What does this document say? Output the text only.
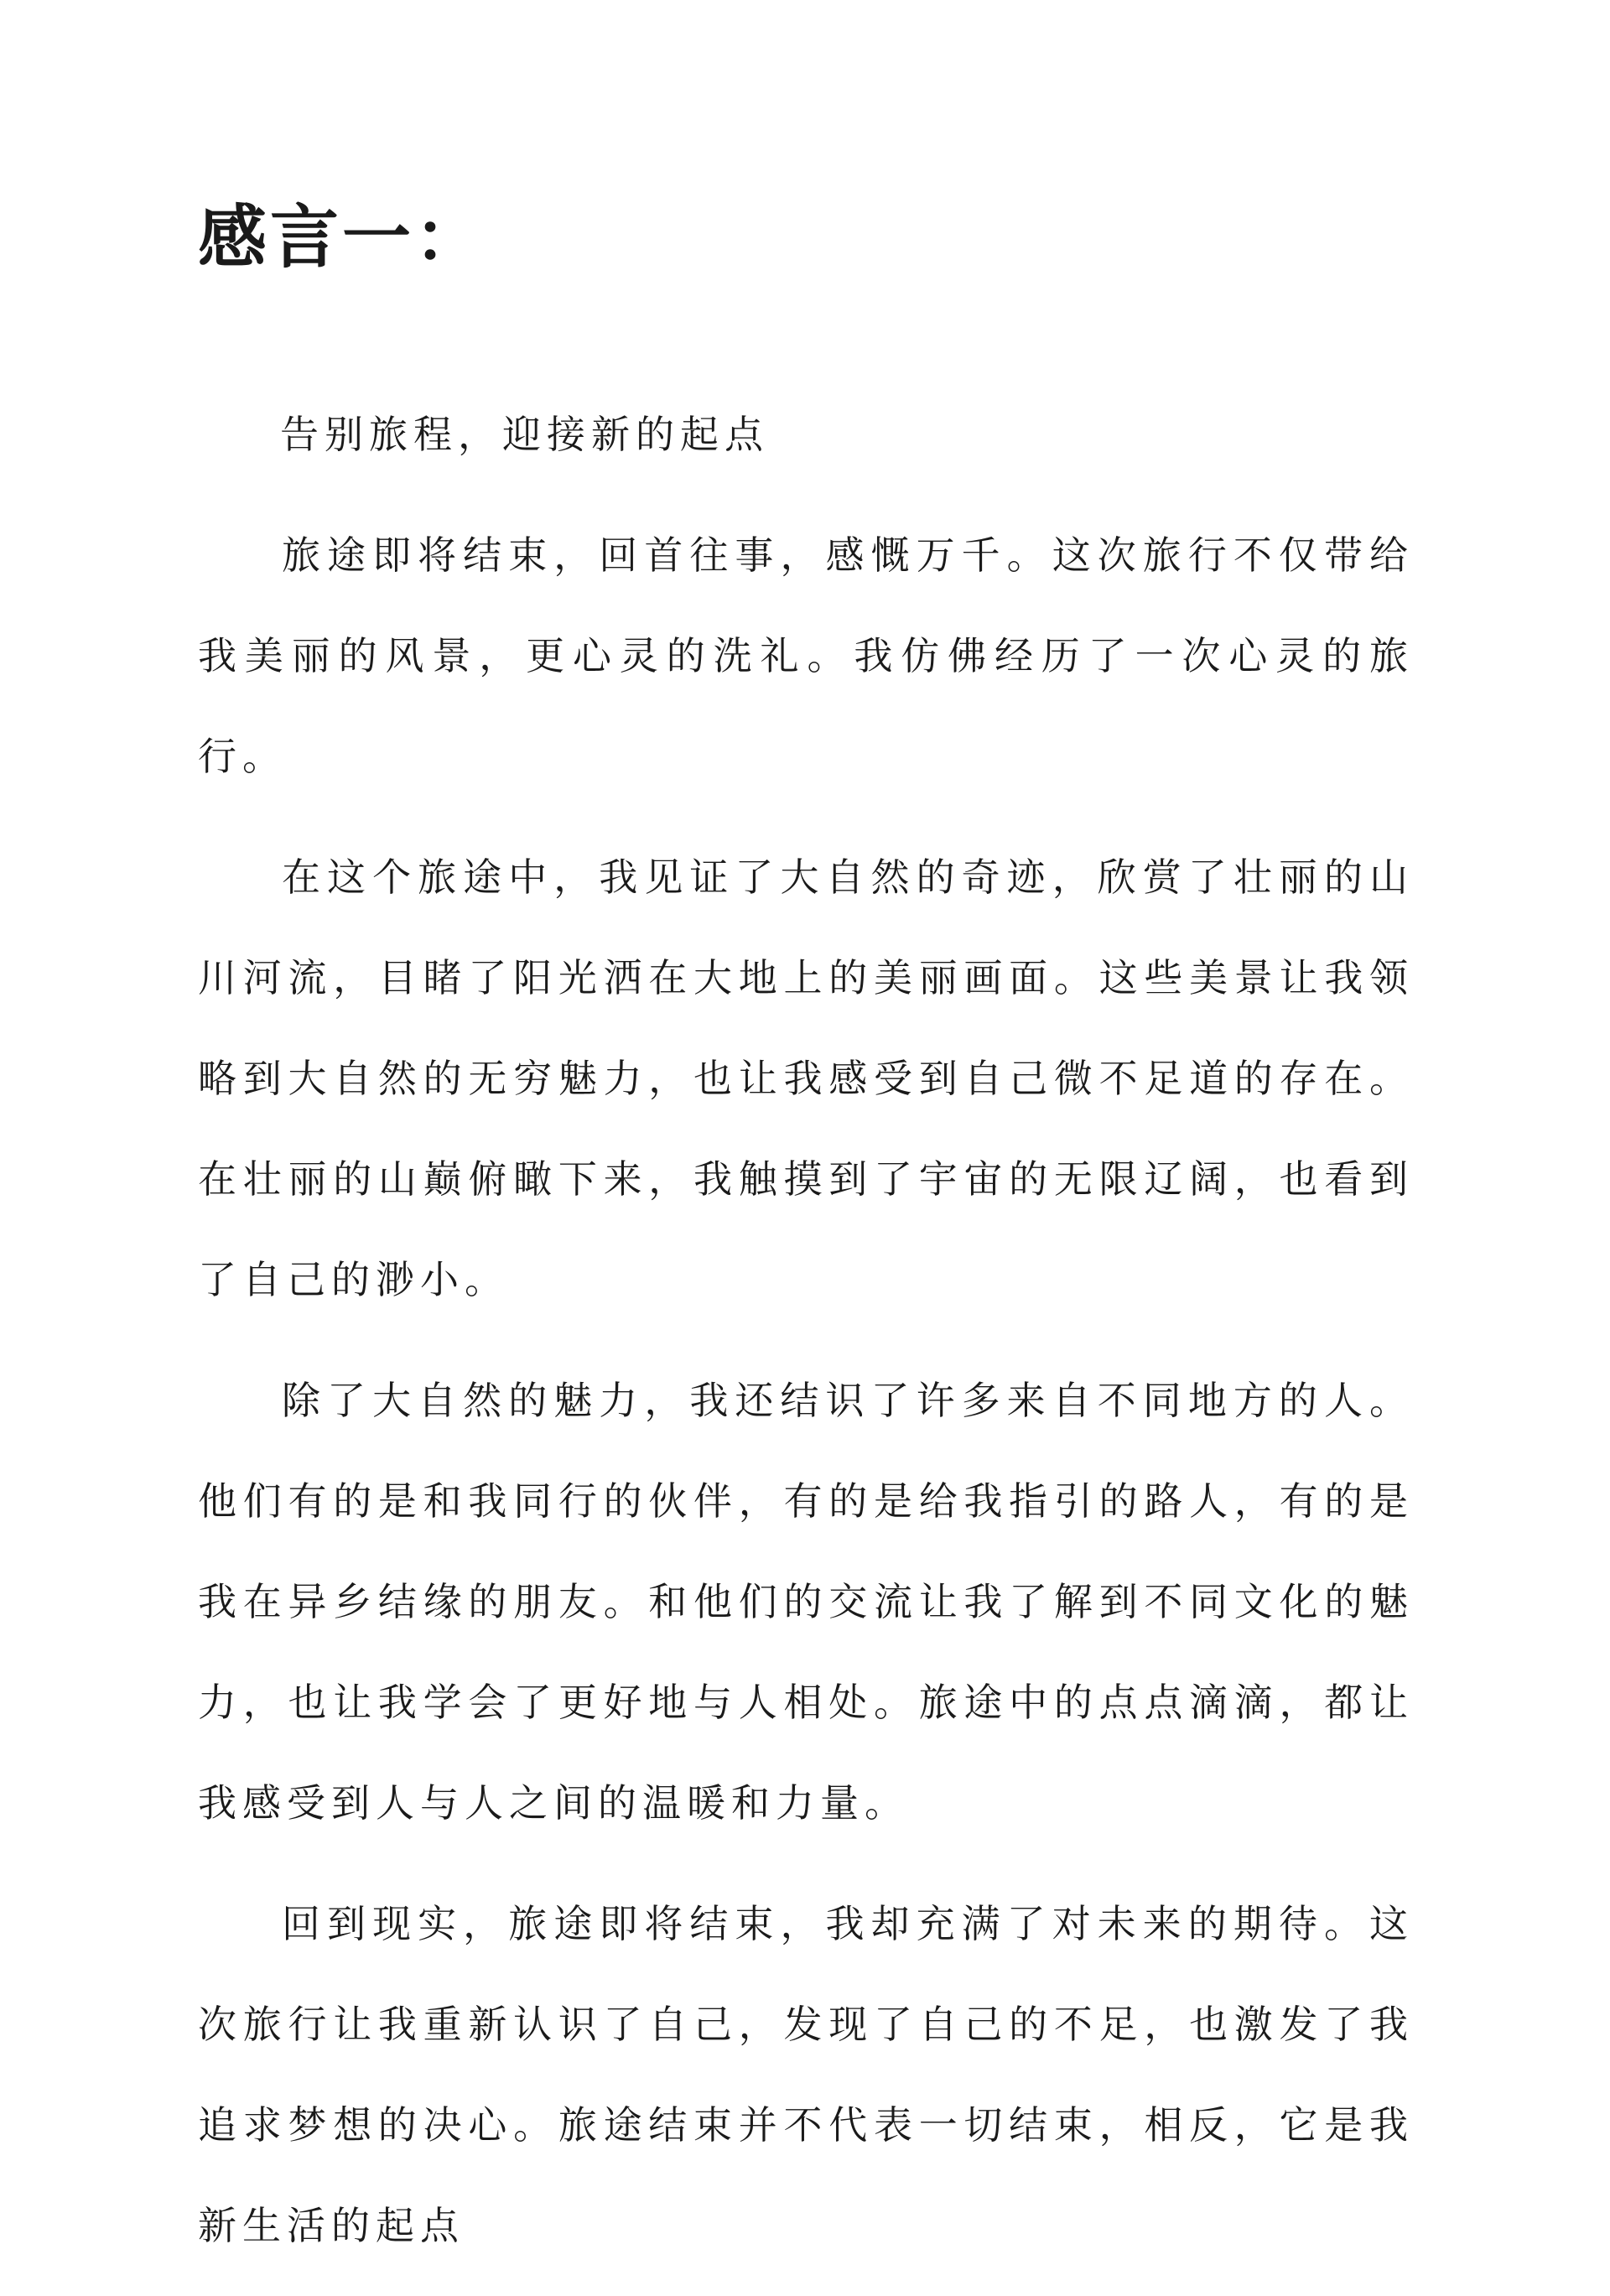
感言一：

告别旅程，迎接新的起点

旅途即将结束，回首往事，感慨万千。这次旅行不仅带给我美丽的风景，更心灵的洗礼。我仿佛经历了一次心灵的旅行。

在这个旅途中，我见证了大自然的奇迹，欣赏了壮丽的山川河流，目睹了阳光洒在大地上的美丽画面。这些美景让我领略到大自然的无穷魅力，也让我感受到自己微不足道的存在。在壮丽的山巅俯瞰下来，我触摸到了宇宙的无限辽阔，也看到了自己的渺小。

除了大自然的魅力，我还结识了许多来自不同地方的人。他们有的是和我同行的伙伴，有的是给我指引的路人，有的是我在异乡结缘的朋友。和他们的交流让我了解到不同文化的魅力，也让我学会了更好地与人相处。旅途中的点点滴滴，都让我感受到人与人之间的温暖和力量。

回到现实，旅途即将结束，我却充满了对未来的期待。这次旅行让我重新认识了自己，发现了自己的不足，也激发了我追求梦想的决心。旅途结束并不代表一切结束，相反，它是我新生活的起点
